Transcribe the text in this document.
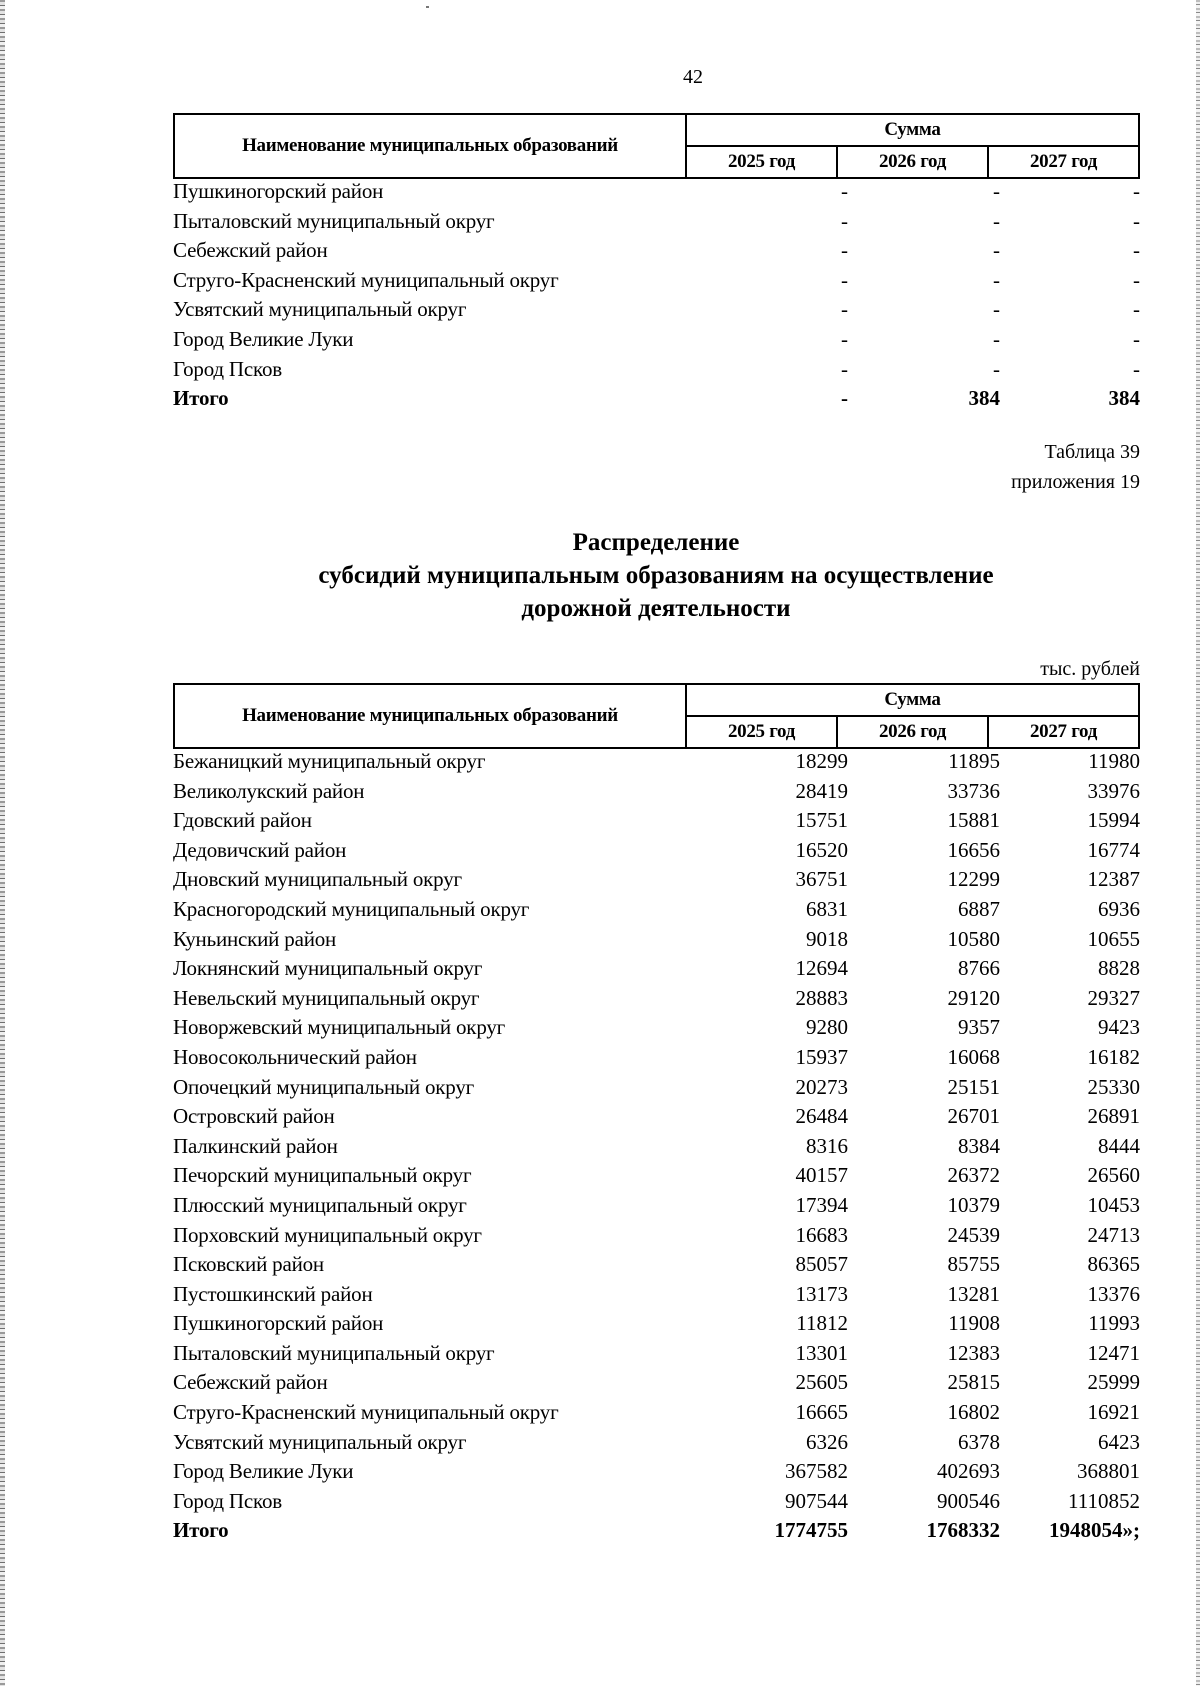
42
Наименование муниципальных образований	Сумма		
	2025 год	2026 год	2027 год
Пушкиногорский район	-	-	-
Пыталовский муниципальный округ	-	-	-
Себежский район	-	-	-
Струго-Красненский муниципальный округ	-	-	-
Усвятский муниципальный округ	-	-	-
Город Великие Луки	-	-	-
Город Псков	-	-	-
Итого	-	384	384
Таблица 39
приложения 19
Распределение
субсидий муниципальным образованиям на осуществление
дорожной деятельности
тыс. рублей
Наименование муниципальных образований	Сумма		
	2025 год	2026 год	2027 год
Бежаницкий муниципальный округ	18299	11895	11980
Великолукский район	28419	33736	33976
Гдовский район	15751	15881	15994
Дедовичский район	16520	16656	16774
Дновский муниципальный округ	36751	12299	12387
Красногородский муниципальный округ	6831	6887	6936
Куньинский район	9018	10580	10655
Локнянский муниципальный округ	12694	8766	8828
Невельский муниципальный округ	28883	29120	29327
Новоржевский муниципальный округ	9280	9357	9423
Новосокольнический район	15937	16068	16182
Опочецкий муниципальный округ	20273	25151	25330
Островский район	26484	26701	26891
Палкинский район	8316	8384	8444
Печорский муниципальный округ	40157	26372	26560
Плюсский муниципальный округ	17394	10379	10453
Порховский муниципальный округ	16683	24539	24713
Псковский район	85057	85755	86365
Пустошкинский район	13173	13281	13376
Пушкиногорский район	11812	11908	11993
Пыталовский муниципальный округ	13301	12383	12471
Себежский район	25605	25815	25999
Струго-Красненский муниципальный округ	16665	16802	16921
Усвятский муниципальный округ	6326	6378	6423
Город Великие Луки	367582	402693	368801
Город Псков	907544	900546	1110852
Итого	1774755	1768332	1948054»;
